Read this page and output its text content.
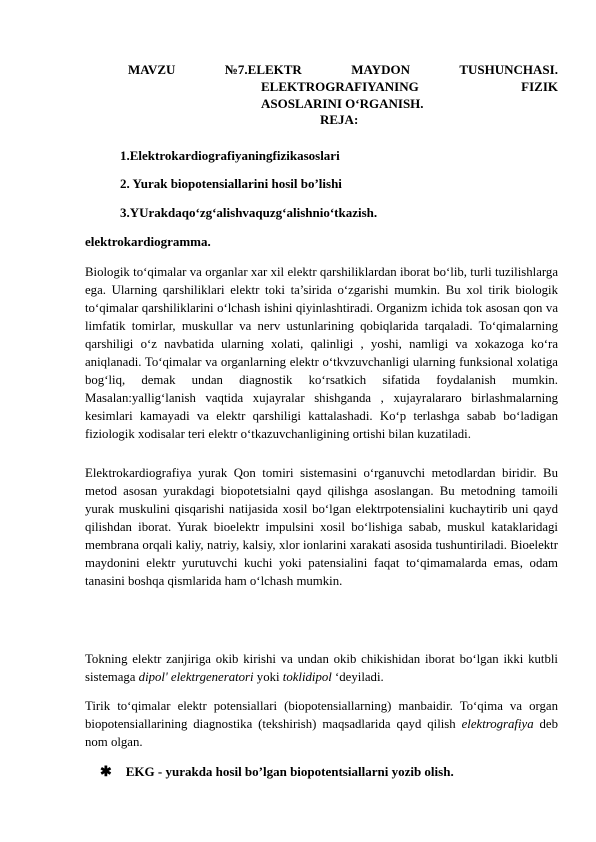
MAVZU	№7.ELEKTR	MAYDON	TUSHUNCHASI.
ELEKTROGRAFIYANING	FIZIK
ASOSLARINI O‘RGANISH.
REJA:
1.Elektrokardiografiyaningfizikasoslari
2. Yurak biopotensiallarini hosil bo’lishi
3.YUrakdaqo‘zg‘alishvaquzg‘alishnio‘tkazish.
elektrokardiogramma.

Biologik to‘qimalar va organlar xar xil elektr qarshiliklardan iborat bo‘lib, turli tuzilishlarga ega. Ularning qarshiliklari elektr toki ta’sirida o‘zgarishi mumkin. Bu xol tirik biologik to‘qimalar qarshiliklarini o‘lchash ishini qiyinlashtiradi. Organizm ichida tok asosan qon va limfatik tomirlar, muskullar va nerv ustunlarining qobiqlarida tarqaladi. To‘qimalarning qarshiligi o‘z navbatida ularning xolati, qalinligi , yoshi, namligi va xokazoga ko‘ra aniqlanadi. To‘qimalar va organlarning elektr o‘tkvzuvchanligi ularning funksional xolatiga bog‘liq, demak undan diagnostik ko‘rsatkich sifatida foydalanish mumkin. Masalan:yallig‘lanish vaqtida xujayralar shishganda , xujayralararo birlashmalarning kesimlari kamayadi va elektr qarshiligi kattalashadi. Ko‘p terlashga sabab bo‘ladigan fiziologik xodisalar teri elektr o‘tkazuvchanligining ortishi bilan kuzatiladi.

Elektrokardiografiya yurak Qon tomiri sistemasini o‘rganuvchi metodlardan biridir. Bu metod asosan yurakdagi biopotetsialni qayd qilishga asoslangan. Bu metodning tamoili yurak muskulini qisqarishi natijasida xosil bo‘lgan elektrpotensialini kuchaytirib uni qayd qilishdan iborat. Yurak bioelektr impulsini xosil bo‘lishiga sabab, muskul kataklaridagi membrana orqali kaliy, natriy, kalsiy, xlor ionlarini xarakati asosida tushuntiriladi. Bioelektr maydonini elektr yurutuvchi kuchi yoki patensialini faqat to‘qimamalarda emas, odam tanasini boshqa qismlarida ham o‘lchash mumkin.

Tokning elektr zanjiriga okib kirishi va undan okib chikishidan iborat bo‘lgan ikki kutbli sistemaga dipol' elektrgeneratori yoki toklidipol ‘deyiladi.

Tirik to‘qimalar elektr potensiallari (biopotensiallarning) manbaidir. To‘qima va organ biopotensiallarining diagnostika (tekshirish) maqsadlarida qayd qilish elektrografiya deb nom olgan.

✱ EKG - yurakda hosil bo’lgan biopotentsiallarni yozib olish.
